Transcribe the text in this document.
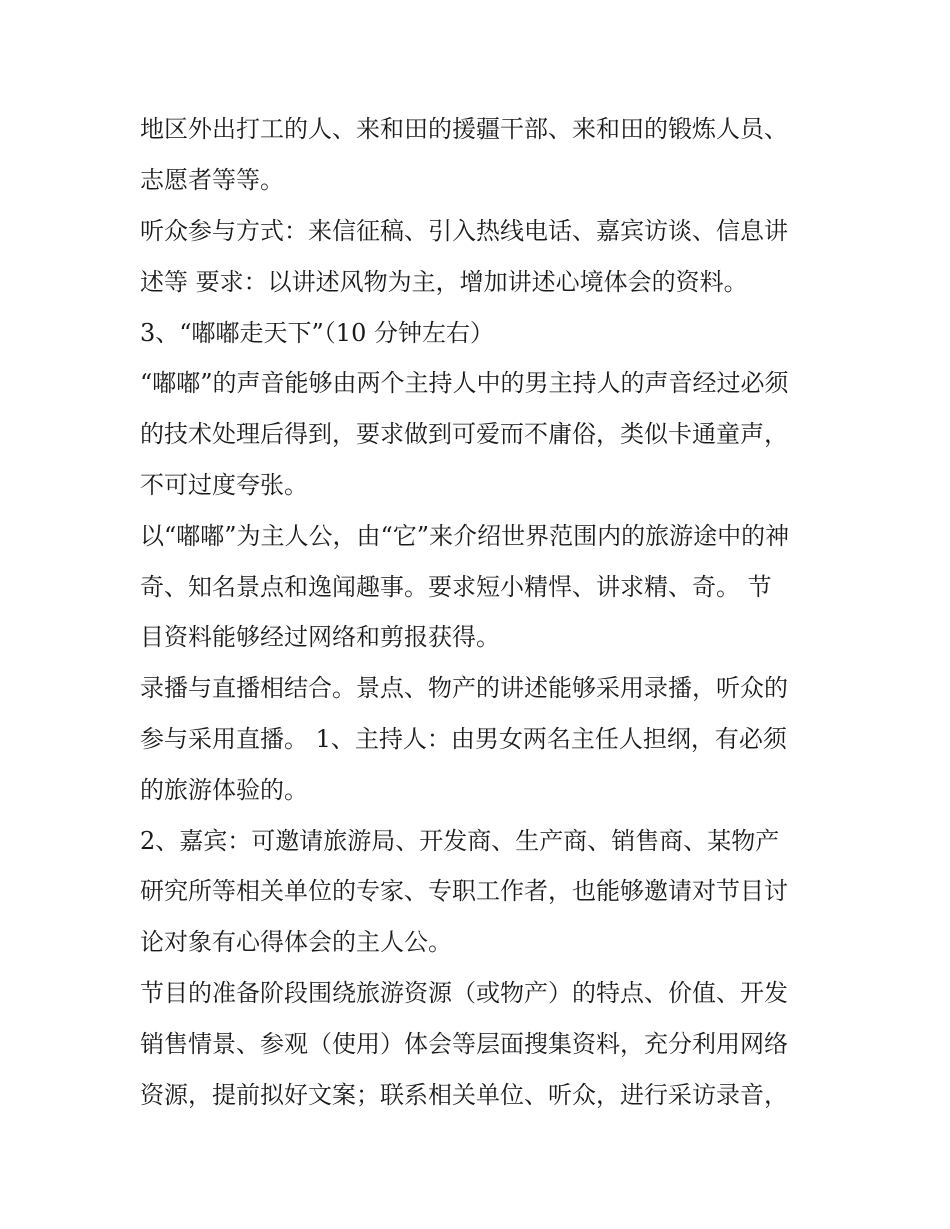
地区外出打工的人、来和田的援疆干部、来和田的锻炼人员、
志愿者等等。
听众参与方式：来信征稿、引入热线电话、嘉宾访谈、信息讲
述等 要求：以讲述风物为主，增加讲述心境体会的资料。
3、“嘟嘟走天下”（10 分钟左右）
“嘟嘟”的声音能够由两个主持人中的男主持人的声音经过必须
的技术处理后得到，要求做到可爱而不庸俗，类似卡通童声，
不可过度夸张。
以“嘟嘟”为主人公，由“它”来介绍世界范围内的旅游途中的神
奇、知名景点和逸闻趣事。要求短小精悍、讲求精、奇。 节
目资料能够经过网络和剪报获得。
录播与直播相结合。景点、物产的讲述能够采用录播，听众的
参与采用直播。 1、主持人：由男女两名主任人担纲，有必须
的旅游体验的。
2、嘉宾：可邀请旅游局、开发商、生产商、销售商、某物产
研究所等相关单位的专家、专职工作者，也能够邀请对节目讨
论对象有心得体会的主人公。
节目的准备阶段围绕旅游资源（或物产）的特点、价值、开发
销售情景、参观（使用）体会等层面搜集资料，充分利用网络
资源，提前拟好文案；联系相关单位、听众，进行采访录音，
